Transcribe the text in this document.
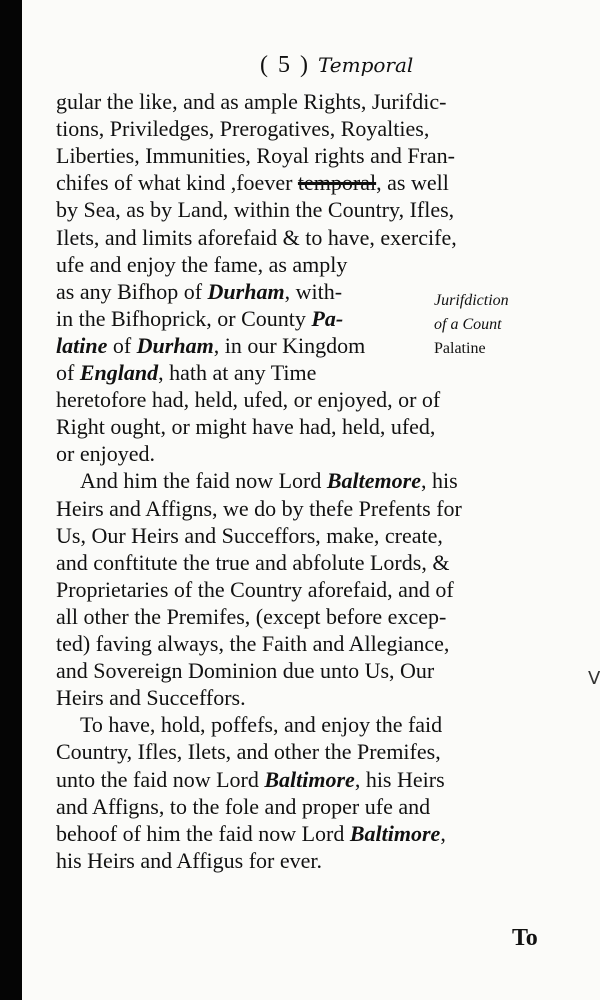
( 5 ) Temporal
gular the like, and as ample Rights, Jurifdic-
tions, Priviledges, Prerogatives, Royalties,
Liberties, Immunities, Royal rights and Fran-
chifes of what kind ,foever temporal, as well
by Sea, as by Land, within the Country, Ifles,
Ilets, and limits aforefaid & to have, exercife,
ufe and enjoy the fame, as amply
as any Bifhop of Durham, with-
in the Bifhoprick, or County Pa-
latine of Durham, in our Kingdom
of England, hath at any Time
heretofore had, held, ufed, or enjoyed, or of
Right ought, or might have had, held, ufed,
or enjoyed.
And him the faid now Lord Baltemore, his
Heirs and Affigns, we do by thefe Prefents for
Us, Our Heirs and Succeffors, make, create,
and conftitute the true and abfolute Lords, &
Proprietaries of the Country aforefaid, and of
all other the Premifes, (except before excep-
ted) faving always, the Faith and Allegiance,
and Sovereign Dominion due unto Us, Our
Heirs and Succeffors.
To have, hold, poffefs, and enjoy the faid
Country, Ifles, Ilets, and other the Premifes,
unto the faid now Lord Baltimore, his Heirs
and Affigns, to the fole and proper ufe and
behoof of him the faid now Lord Baltimore,
his Heirs and Affigus for ever.
Jurifdiction
of a Count
Palatine
ᐯ
To
